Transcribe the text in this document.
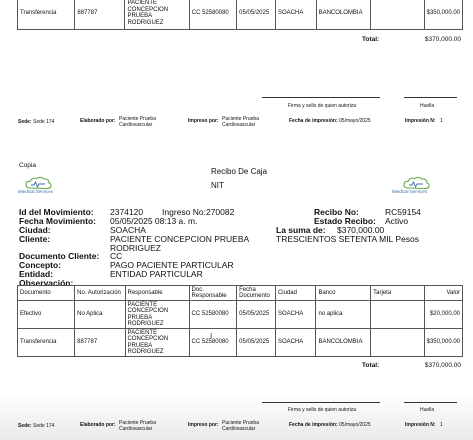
Transferencia	887787	
PACIENTE
CONCEPCION
PRUEBA
RODRIGUEZ
	CC 52580080	05/05/2025	SOACHA	BANCOLOMBIA		$350,000.00
Total:	$370,000.00
Firma y sello de quien autoriza	Huella
Sede: Sede 174	Elaborado por: Paciente Prueba
Cardiovascular
Impreso por: Paciente Prueba
Cardiovascular
Fecha de impresión: 05/mayo/2025	Impresión N: 1
Copia
Recibo De Caja
NIT
iMedical Services	iMedical Services
Id del Movimiento: 2374120 Ingreso No:270082
Fecha Movimiento: 05/05/2025 08:13 a. m.
Ciudad:	SOACHA
Cliente:	PACIENTE CONCEPCION PRUEBA
RODRIGUEZ
Documento Cliente: CC
Concepto:	PAGO PACIENTE PARTICULAR
Entidad:	ENTIDAD PARTICULAR
Observación:
Recibo No:	RC59154
Estado Recibo: Activo
La suma de: $370,000.00
TRESCIENTOS SETENTA MIL Pesos
Documento	No. Autorización	Responsable	Doc. Responsable	Fecha Documento	Ciudad	Banco	Tarjeta	Valor
Efectivo	No Aplica	PACIENTE
CONCEPCION
PRUEBA
RODRIGUEZ	CC 52580080	05/05/2025	SOACHA	no aplica		$20,000.00
Transferencia	887787	PACIENTE
CONCEPCION
PRUEBA
RODRIGUEZ	CC 52580080	05/05/2025	SOACHA	BANCOLOMBIA		$350,000.00
I
Total:	$370,000.00
Firma y sello de quien autoriza	Huella
Sede: Sede 174	Elaborado por: Paciente Prueba
Cardiovascular
Impreso por: Paciente Prueba
Cardiovascular
Fecha de impresión: 05/mayo/2025	Impresión N: 1
